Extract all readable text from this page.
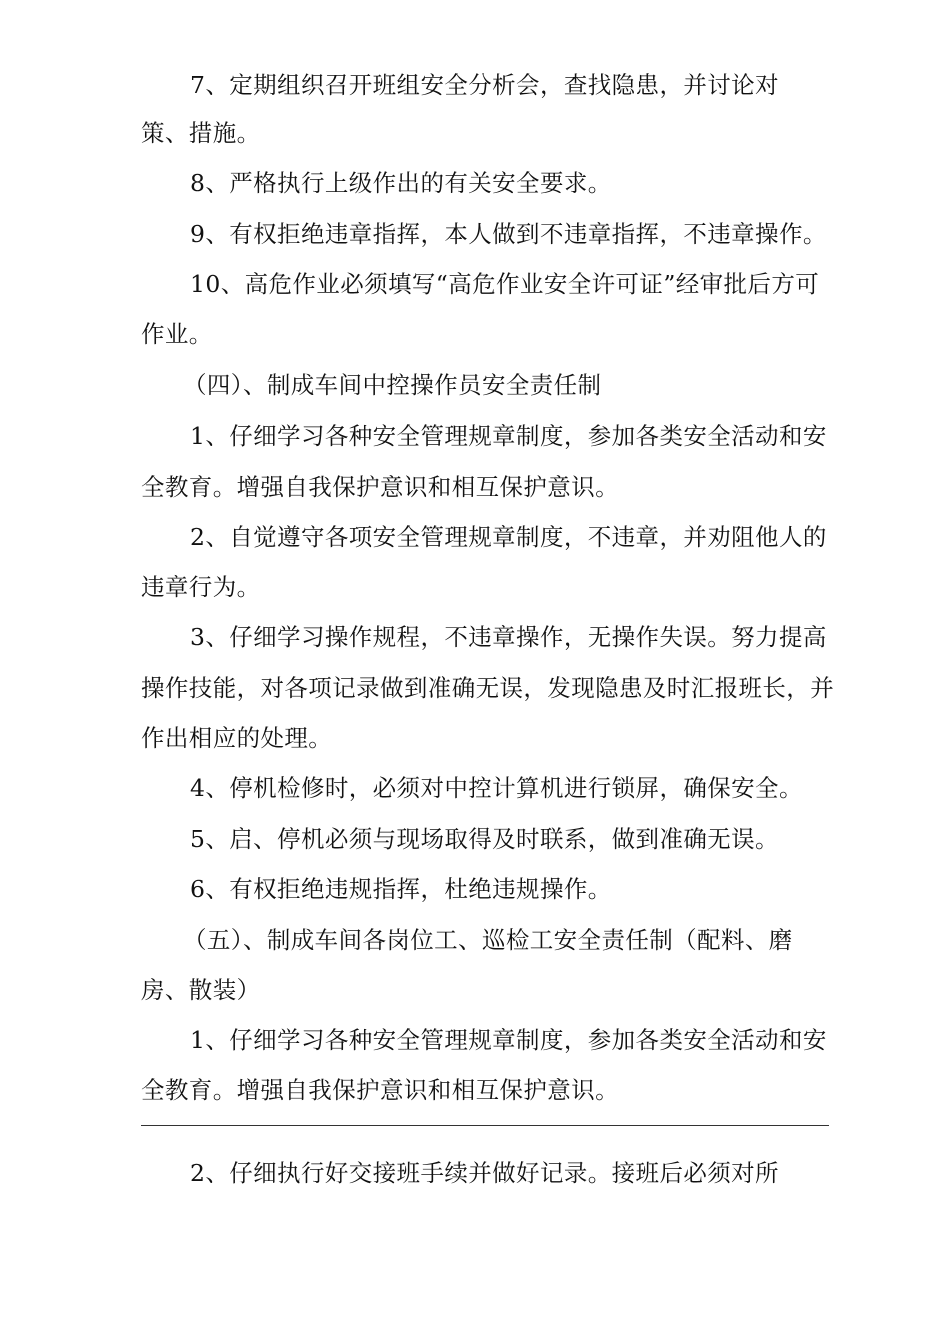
7、定期组织召开班组安全分析会，查找隐患，并讨论对
策、措施。
8、严格执行上级作出的有关安全要求。
9、有权拒绝违章指挥，本人做到不违章指挥，不违章操作。
10、高危作业必须填写“高危作业安全许可证”经审批后方可
作业。
（四）、制成车间中控操作员安全责任制
1、仔细学习各种安全管理规章制度，参加各类安全活动和安
全教育。增强自我保护意识和相互保护意识。
2、自觉遵守各项安全管理规章制度，不违章，并劝阻他人的
违章行为。
3、仔细学习操作规程，不违章操作，无操作失误。努力提高
操作技能，对各项记录做到准确无误，发现隐患及时汇报班长，并
作出相应的处理。
4、停机检修时，必须对中控计算机进行锁屏，确保安全。
5、启、停机必须与现场取得及时联系，做到准确无误。
6、有权拒绝违规指挥，杜绝违规操作。
（五）、制成车间各岗位工、巡检工安全责任制（配料、磨
房、散装）
1、仔细学习各种安全管理规章制度，参加各类安全活动和安
全教育。增强自我保护意识和相互保护意识。
2、仔细执行好交接班手续并做好记录。接班后必须对所
